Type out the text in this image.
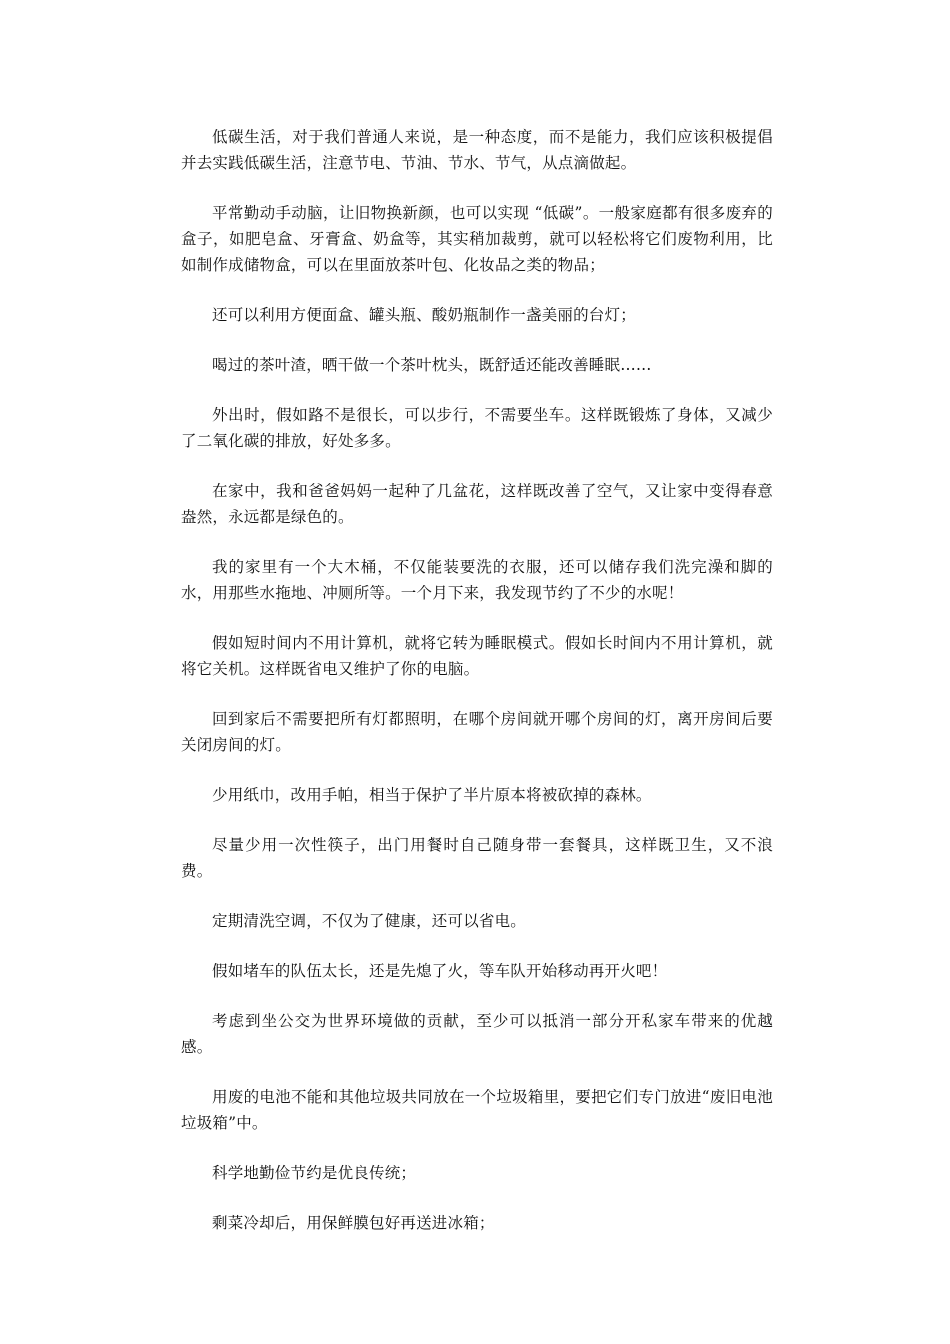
低碳生活，对于我们普通人来说，是一种态度，而不是能力，我们应该积极提倡并去实践低碳生活，注意节电、节油、节水、节气，从点滴做起。

平常勤动手动脑，让旧物换新颜，也可以实现 “低碳”。一般家庭都有很多废弃的盒子，如肥皂盒、牙膏盒、奶盒等，其实稍加裁剪，就可以轻松将它们废物利用，比如制作成储物盒，可以在里面放茶叶包、化妆品之类的物品；

还可以利用方便面盒、罐头瓶、酸奶瓶制作一盏美丽的台灯；

喝过的茶叶渣，晒干做一个茶叶枕头，既舒适还能改善睡眠……

外出时，假如路不是很长，可以步行，不需要坐车。这样既锻炼了身体，又减少了二氧化碳的排放，好处多多。

在家中，我和爸爸妈妈一起种了几盆花，这样既改善了空气，又让家中变得春意盎然，永远都是绿色的。

我的家里有一个大木桶，不仅能装要洗的衣服，还可以储存我们洗完澡和脚的水，用那些水拖地、冲厕所等。一个月下来，我发现节约了不少的水呢！

假如短时间内不用计算机，就将它转为睡眠模式。假如长时间内不用计算机，就将它关机。这样既省电又维护了你的电脑。

回到家后不需要把所有灯都照明，在哪个房间就开哪个房间的灯，离开房间后要关闭房间的灯。

少用纸巾，改用手帕，相当于保护了半片原本将被砍掉的森林。

尽量少用一次性筷子，出门用餐时自己随身带一套餐具，这样既卫生，又不浪费。

定期清洗空调，不仅为了健康，还可以省电。

假如堵车的队伍太长，还是先熄了火，等车队开始移动再开火吧！

考虑到坐公交为世界环境做的贡献，至少可以抵消一部分开私家车带来的优越感。

用废的电池不能和其他垃圾共同放在一个垃圾箱里，要把它们专门放进“废旧电池垃圾箱”中。

科学地勤俭节约是优良传统；

剩菜冷却后，用保鲜膜包好再送进冰箱；
